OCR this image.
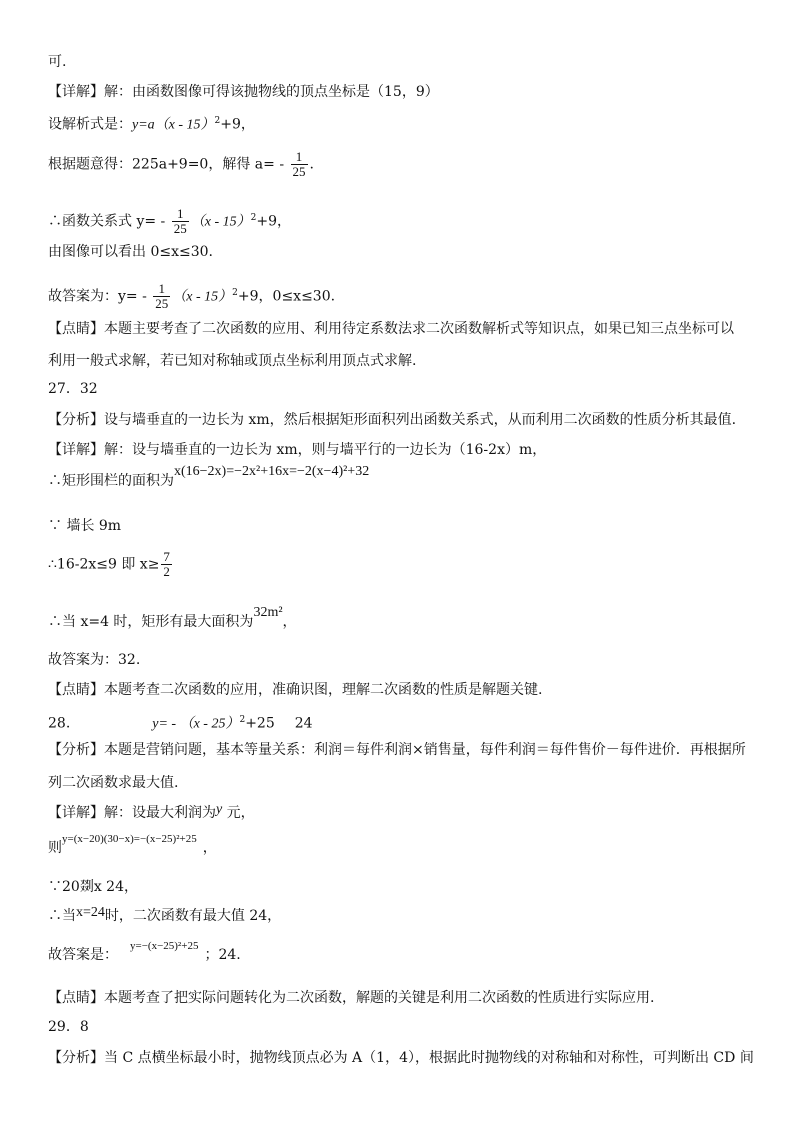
可.
【详解】解：由函数图像可得该抛物线的顶点坐标是（15，9）
设解析式是：y=a（x - 15）$^2$+9，
根据题意得：225a+9=0，解得 $a= - \frac{1}{25}$ .
∴函数关系式 $y= - \frac{1}{25} (x - 15)^2+9$，
由图像可以看出 0≤x≤30.
故答案为：$y= - \frac{1}{25} (x - 15)^2+9$，0≤x≤30.
【点睛】本题主要考查了二次函数的应用、利用待定系数法求二次函数解析式等知识点，如果已知三点坐标可以
利用一般式求解，若已知对称轴或顶点坐标利用顶点式求解.
27．32
【分析】设与墙垂直的一边长为 xm，然后根据矩形面积列出函数关系式，从而利用二次函数的性质分析其最值.
【详解】解：设与墙垂直的一边长为 xm，则与墙平行的一边长为（16-2x）m，
∴矩形围栏的面积为x(16−2x)=−2x²+16x=−2(x−4)²+32
∵ 墙长 9m
∴16-2x≤9 即 $x\ge \frac{7}{2}$
∴当 x=4 时，矩形有最大面积为32m²，
故答案为：32.
【点睛】本题考查二次函数的应用，准确识图，理解二次函数的性质是解题关键.
28.	y= - （x - 25）$^2$+25 24
【分析】本题是营销问题，基本等量关系：利润＝每件利润×销售量，每件利润＝每件售价－每件进价．再根据所
列二次函数求最大值.
【详解】解：设最大利润为y 元，
则$^{y=(x-20)(30-x)=-(x-25)^2+25}$，
∵20剟x 24，
∴当x=24时，二次函数有最大值 24，
故答案是：$^{y=-(x-25)^2+25}$；24.
【点睛】本题考查了把实际问题转化为二次函数，解题的关键是利用二次函数的性质进行实际应用.
29．8
【分析】当 C 点横坐标最小时，抛物线顶点必为 A（1，4），根据此时抛物线的对称轴和对称性，可判断出 CD 间
